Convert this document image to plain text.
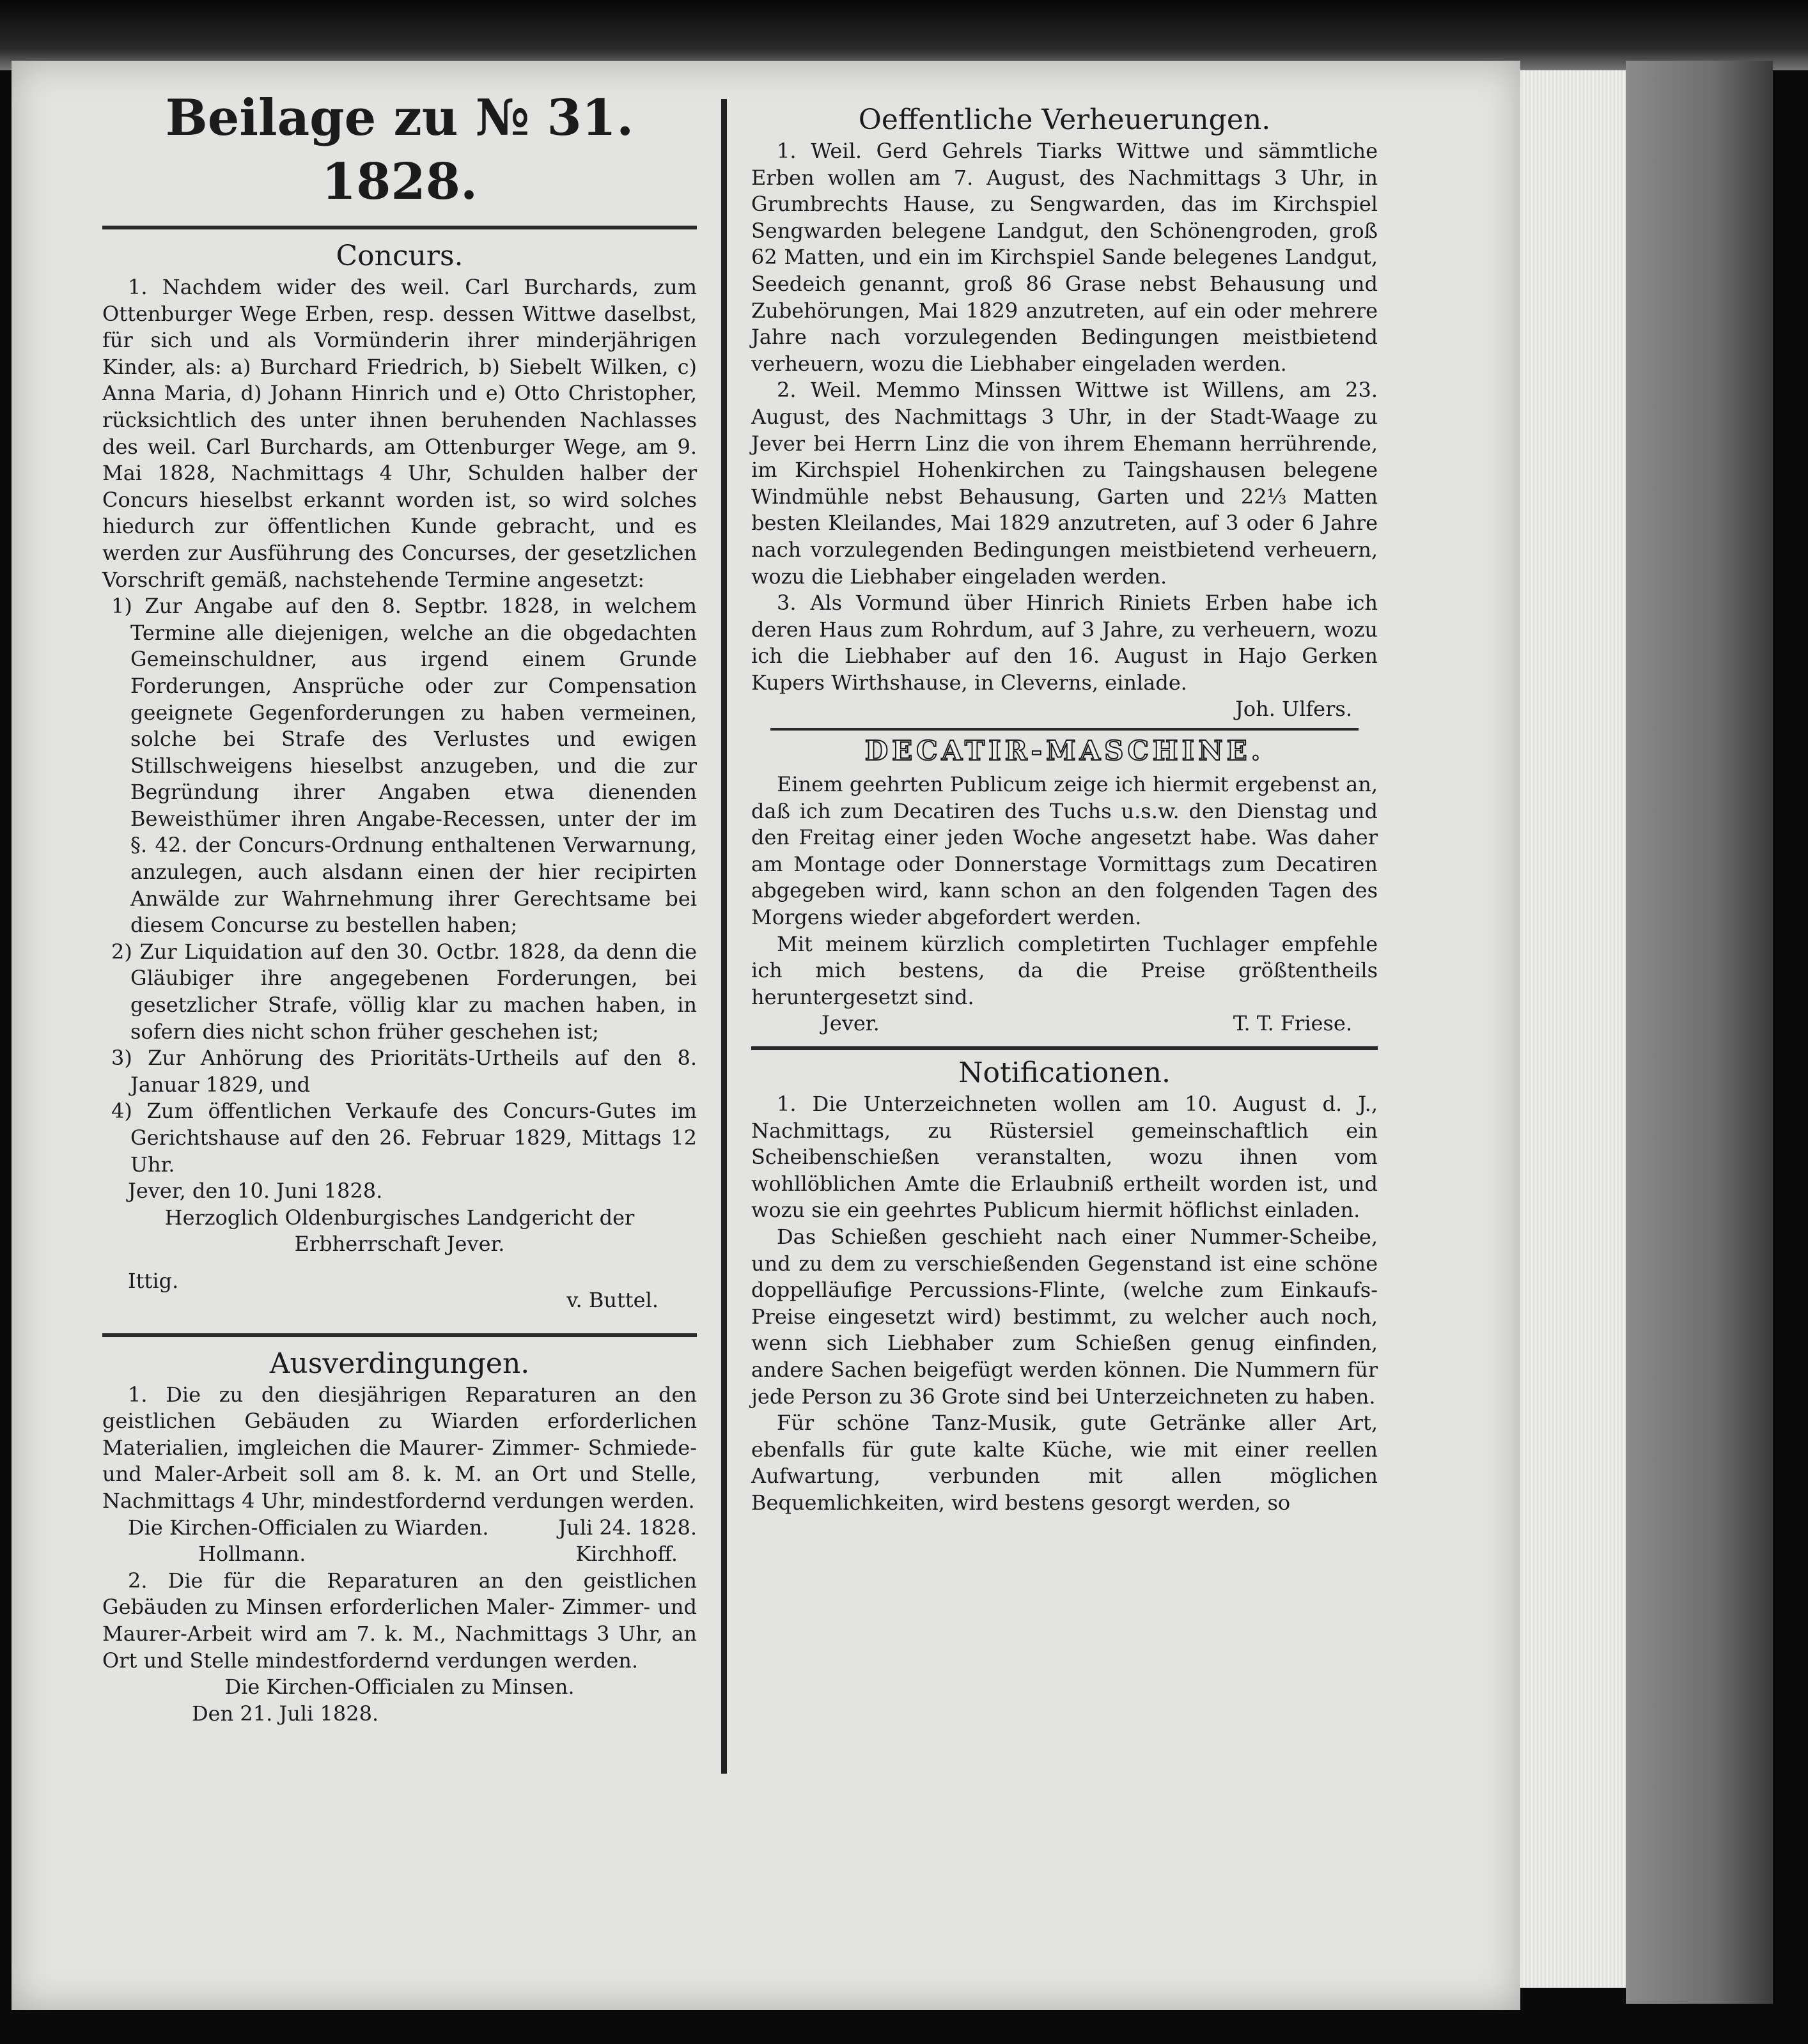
Beilage zu № 31. 1828.

Concurs.

1. Nachdem wider des weil. Carl Burchards, zum Ottenburger Wege Erben, resp. dessen Wittwe daselbst, für sich und als Vormünderin ihrer minderjährigen Kinder, als: a) Burchard Friedrich, b) Siebelt Wilken, c) Anna Maria, d) Johann Hinrich und e) Otto Christopher, rücksichtlich des unter ihnen beruhenden Nachlasses des weil. Carl Burchards, am Ottenburger Wege, am 9. Mai 1828, Nachmittags 4 Uhr, Schulden halber der Concurs hieselbst erkannt worden ist, so wird solches hiedurch zur öffentlichen Kunde gebracht, und es werden zur Ausführung des Concurses, der gesetzlichen Vorschrift gemäß, nachstehende Termine angesetzt:

1) Zur Angabe auf den 8. Septbr. 1828, in welchem Termine alle diejenigen, welche an die obgedachten Gemeinschuldner, aus irgend einem Grunde Forderungen, Ansprüche oder zur Compensation geeignete Gegenforderungen zu haben vermeinen, solche bei Strafe des Verlustes und ewigen Stillschweigens hieselbst anzugeben, und die zur Begründung ihrer Angaben etwa dienenden Beweisthümer ihren Angabe-Recessen, unter der im §. 42. der Concurs-Ordnung enthaltenen Verwarnung, anzulegen, auch alsdann einen der hier recipirten Anwälde zur Wahrnehmung ihrer Gerechtsame bei diesem Concurse zu bestellen haben;

2) Zur Liquidation auf den 30. Octbr. 1828, da denn die Gläubiger ihre angegebenen Forderungen, bei gesetzlicher Strafe, völlig klar zu machen haben, in sofern dies nicht schon früher geschehen ist;

3) Zur Anhörung des Prioritäts-Urtheils auf den 8. Januar 1829, und

4) Zum öffentlichen Verkaufe des Concurs-Gutes im Gerichtshause auf den 26. Februar 1829, Mittags 12 Uhr.

Jever, den 10. Juni 1828.

Herzoglich Oldenburgisches Landgericht der Erbherrschaft Jever.

Ittig.
v. Buttel.

Ausverdingungen.

1. Die zu den diesjährigen Reparaturen an den geistlichen Gebäuden zu Wiarden erforderlichen Materialien, imgleichen die Maurer- Zimmer- Schmiede- und Maler-Arbeit soll am 8. k. M. an Ort und Stelle, Nachmittags 4 Uhr, mindestfordernd verdungen werden.

Die Kirchen-Officialen zu Wiarden.	Juli 24. 1828.
Hollmann.	Kirchhoff.

2. Die für die Reparaturen an den geistlichen Gebäuden zu Minsen erforderlichen Maler- Zimmer- und Maurer-Arbeit wird am 7. k. M., Nachmittags 3 Uhr, an Ort und Stelle mindestfordernd verdungen werden.

Die Kirchen-Officialen zu Minsen.

Den 21. Juli 1828.

Oeffentliche Verheuerungen.

1. Weil. Gerd Gehrels Tiarks Wittwe und sämmtliche Erben wollen am 7. August, des Nachmittags 3 Uhr, in Grumbrechts Hause, zu Sengwarden, das im Kirchspiel Sengwarden belegene Landgut, den Schönengroden, groß 62 Matten, und ein im Kirchspiel Sande belegenes Landgut, Seedeich genannt, groß 86 Grase nebst Behausung und Zubehörungen, Mai 1829 anzutreten, auf ein oder mehrere Jahre nach vorzulegenden Bedingungen meistbietend verheuern, wozu die Liebhaber eingeladen werden.

2. Weil. Memmo Minssen Wittwe ist Willens, am 23. August, des Nachmittags 3 Uhr, in der Stadt-Waage zu Jever bei Herrn Linz die von ihrem Ehemann herrührende, im Kirchspiel Hohenkirchen zu Taingshausen belegene Windmühle nebst Behausung, Garten und 22⅓ Matten besten Kleilandes, Mai 1829 anzutreten, auf 3 oder 6 Jahre nach vorzulegenden Bedingungen meistbietend verheuern, wozu die Liebhaber eingeladen werden.

3. Als Vormund über Hinrich Riniets Erben habe ich deren Haus zum Rohrdum, auf 3 Jahre, zu verheuern, wozu ich die Liebhaber auf den 16. August in Hajo Gerken Kupers Wirthshause, in Cleverns, einlade.

Joh. Ulfers.

DECATIR-MASCHINE.

Einem geehrten Publicum zeige ich hiermit ergebenst an, daß ich zum Decatiren des Tuchs u.s.w. den Dienstag und den Freitag einer jeden Woche angesetzt habe. Was daher am Montage oder Donnerstage Vormittags zum Decatiren abgegeben wird, kann schon an den folgenden Tagen des Morgens wieder abgefordert werden.

Mit meinem kürzlich completirten Tuchlager empfehle ich mich bestens, da die Preise größtentheils heruntergesetzt sind.

Jever.	T. T. Friese.

Notificationen.

1. Die Unterzeichneten wollen am 10. August d. J., Nachmittags, zu Rüstersiel gemeinschaftlich ein Scheibenschießen veranstalten, wozu ihnen vom wohllöblichen Amte die Erlaubniß ertheilt worden ist, und wozu sie ein geehrtes Publicum hiermit höflichst einladen.

Das Schießen geschieht nach einer Nummer-Scheibe, und zu dem zu verschießenden Gegenstand ist eine schöne doppelläufige Percussions-Flinte, (welche zum Einkaufs-Preise eingesetzt wird) bestimmt, zu welcher auch noch, wenn sich Liebhaber zum Schießen genug einfinden, andere Sachen beigefügt werden können. Die Nummern für jede Person zu 36 Grote sind bei Unterzeichneten zu haben.

Für schöne Tanz-Musik, gute Getränke aller Art, ebenfalls für gute kalte Küche, wie mit einer reellen Aufwartung, verbunden mit allen möglichen Bequemlichkeiten, wird bestens gesorgt werden, so
